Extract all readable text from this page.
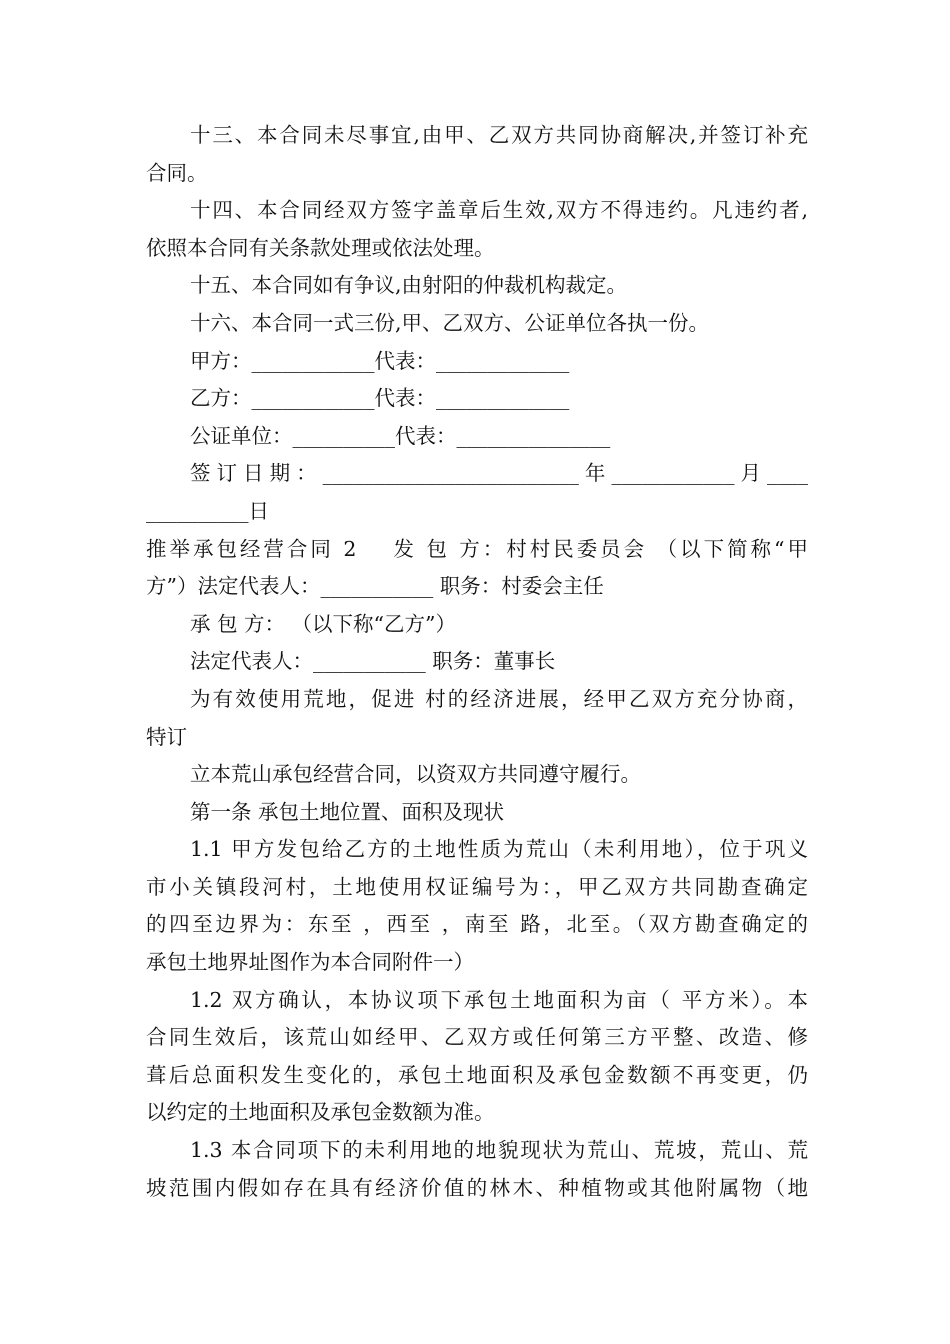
十三、本合同未尽事宜,由甲、乙双方共同协商解决,并签订补充
合同。
十四、本合同经双方签字盖章后生效,双方不得违约。凡违约者,
依照本合同有关条款处理或依法处理。
十五、本合同如有争议,由射阳的仲裁机构裁定。
十六、本合同一式三份,甲、乙双方、公证单位各执一份。
甲方：____________代表：_____________
乙方：____________代表：_____________
公证单位：__________代表：_______________
签订日期：_________________________年____________月____
__________日
推举承包经营合同 2 发 包 方：村村民委员会 （以下简称“甲
方”）法定代表人：___________ 职务：村委会主任
承 包 方： （以下称“乙方”）
法定代表人：___________ 职务：董事长
为有效使用荒地，促进 村的经济进展，经甲乙双方充分协商，
特订
立本荒山承包经营合同，以资双方共同遵守履行。
第一条 承包土地位置、面积及现状
1.1 甲方发包给乙方的土地性质为荒山（未利用地），位于巩义
市小关镇段河村，土地使用权证编号为：，甲乙双方共同勘查确定
的四至边界为：东至 ，西至 ，南至 路，北至。（双方勘查确定的
承包土地界址图作为本合同附件一）
1.2 双方确认，本协议项下承包土地面积为亩（ 平方米）。本
合同生效后，该荒山如经甲、乙双方或任何第三方平整、改造、修
葺后总面积发生变化的，承包土地面积及承包金数额不再变更，仍
以约定的土地面积及承包金数额为准。
1.3 本合同项下的未利用地的地貌现状为荒山、荒坡，荒山、荒
坡范围内假如存在具有经济价值的林木、种植物或其他附属物（地
